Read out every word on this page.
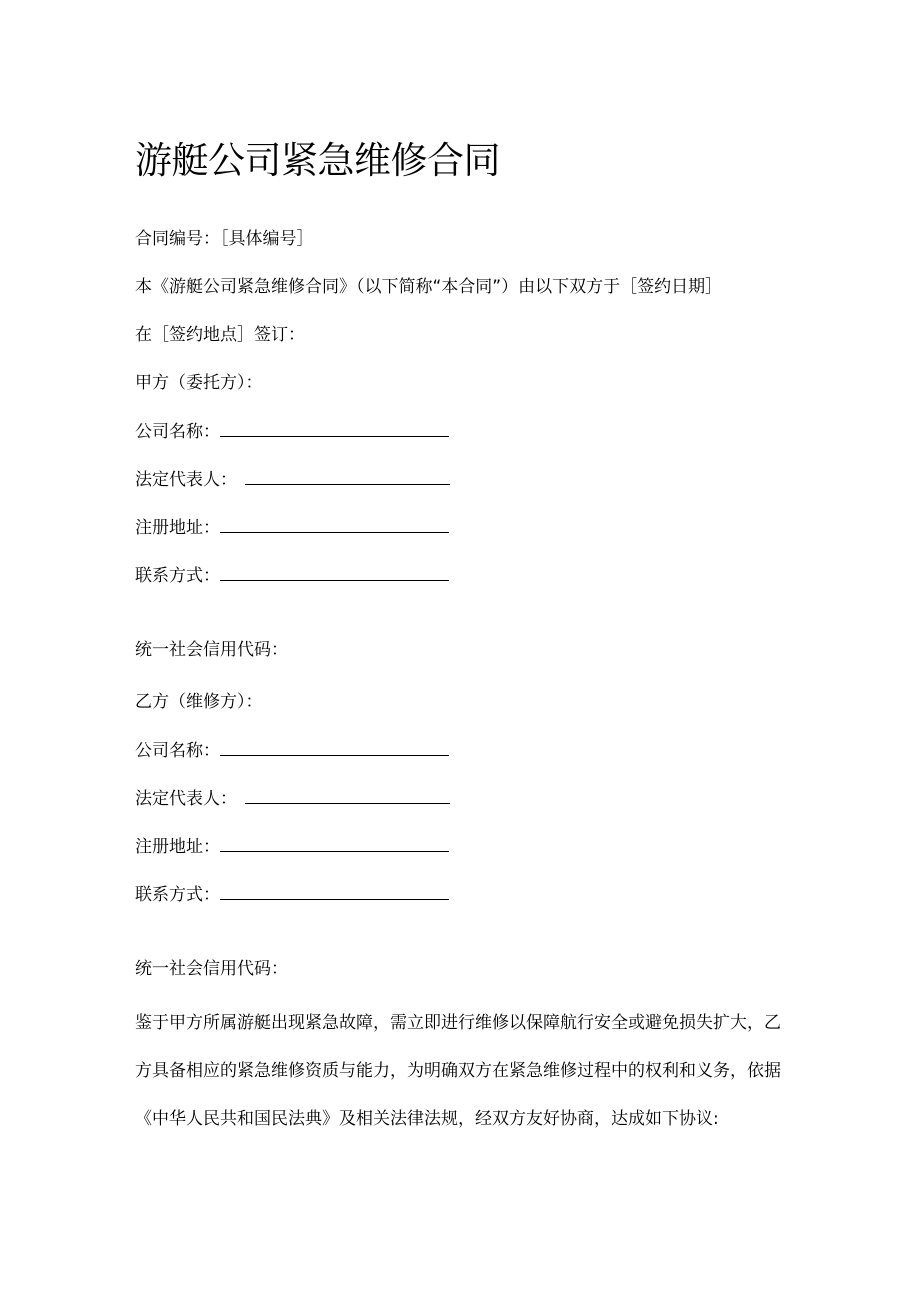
游艇公司紧急维修合同
合同编号：［具体编号］
本《游艇公司紧急维修合同》（以下简称“本合同”）由以下双方于［签约日期］
在［签约地点］签订：
甲方（委托方）：
公司名称：
法定代表人：
注册地址：
联系方式：
统一社会信用代码：
乙方（维修方）：
公司名称：
法定代表人：
注册地址：
联系方式：
统一社会信用代码：
鉴于甲方所属游艇出现紧急故障，需立即进行维修以保障航行安全或避免损失扩大，乙
方具备相应的紧急维修资质与能力，为明确双方在紧急维修过程中的权利和义务，依据
《中华人民共和国民法典》及相关法律法规，经双方友好协商，达成如下协议:
